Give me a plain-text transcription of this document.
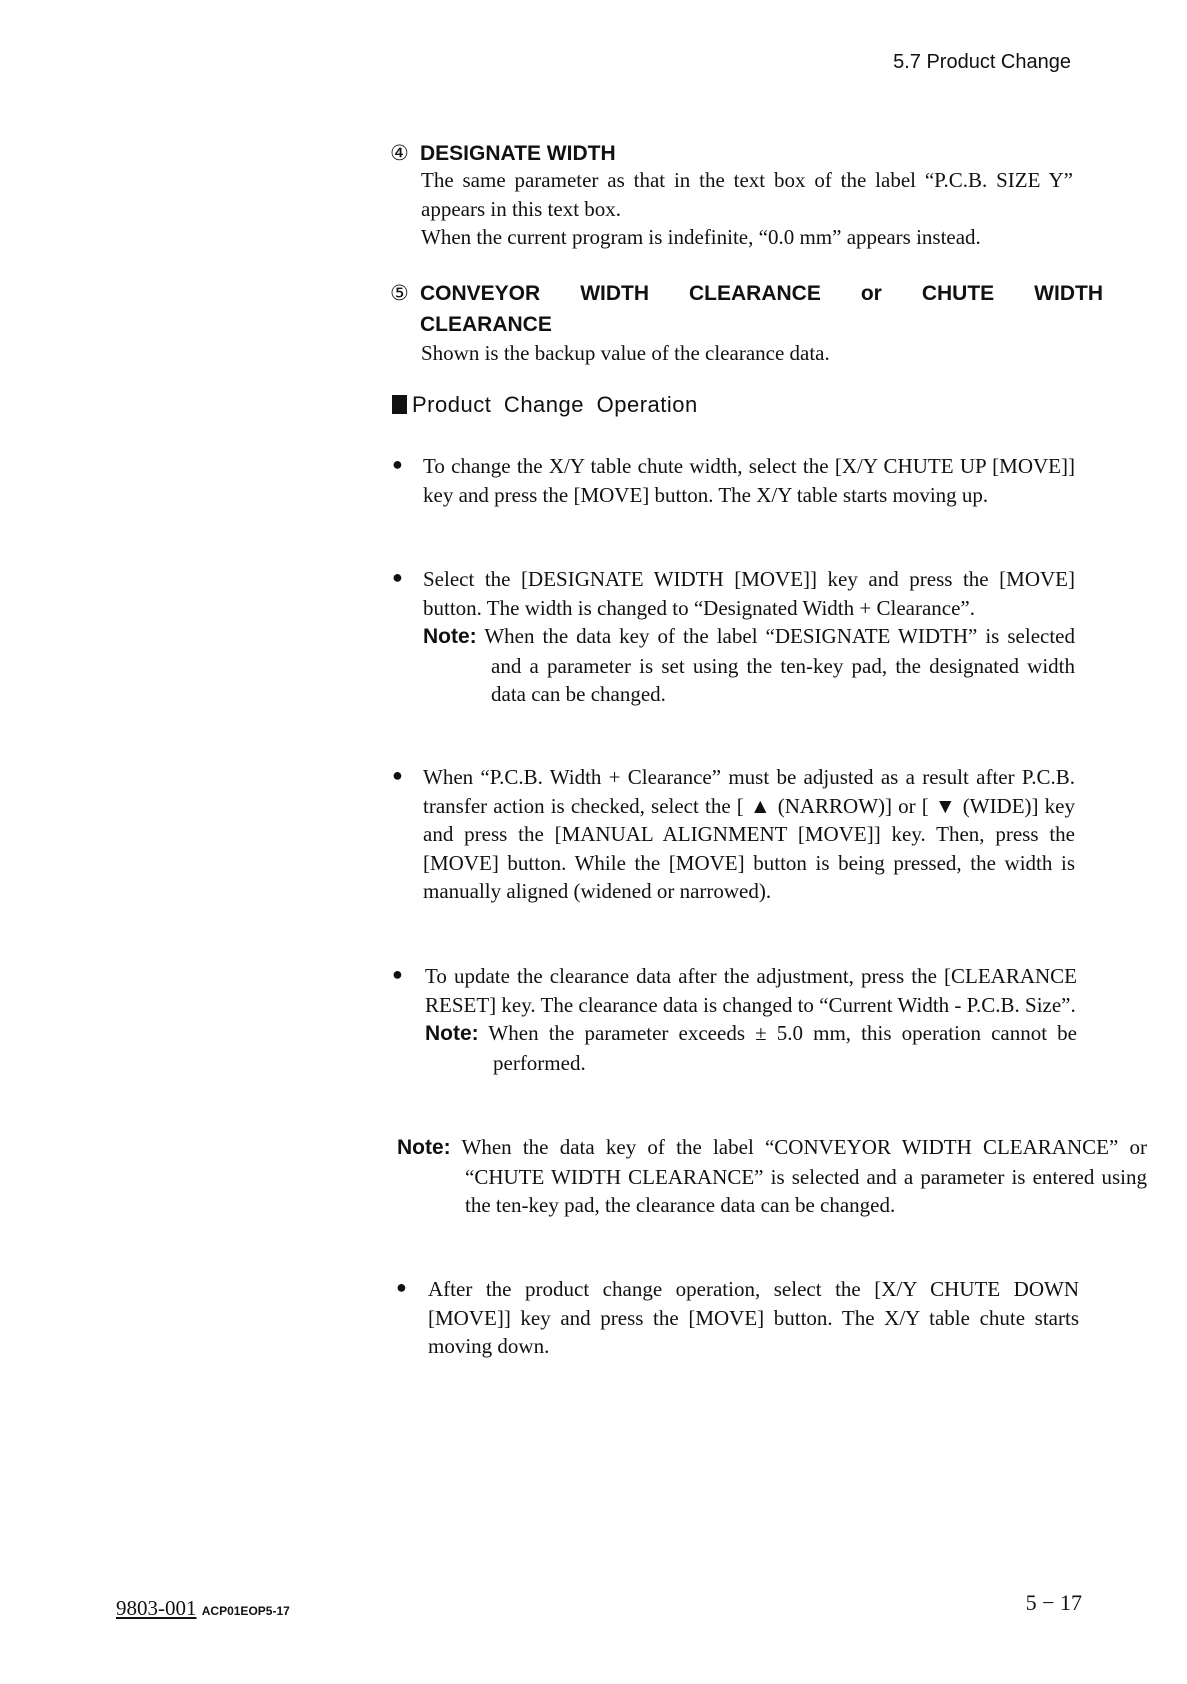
5.7 Product Change
④ DESIGNATE WIDTH
The same parameter as that in the text box of the label “P.C.B. SIZE Y” appears in this text box.
When the current program is indefinite, “0.0 mm” appears instead.
⑤ CONVEYOR WIDTH CLEARANCE or CHUTE WIDTH CLEARANCE
Shown is the backup value of the clearance data.
Product Change Operation
● To change the X/Y table chute width, select the [X/Y CHUTE UP [MOVE]] key and press the [MOVE] button. The X/Y table starts moving up.
● Select the [DESIGNATE WIDTH [MOVE]] key and press the [MOVE] button. The width is changed to “Designated Width + Clearance”.
Note: When the data key of the label “DESIGNATE WIDTH” is selected and a parameter is set using the ten-key pad, the designated width data can be changed.
● When “P.C.B. Width + Clearance” must be adjusted as a result after P.C.B. transfer action is checked, select the [ ▲ (NARROW)] or [ ▼ (WIDE)] key and press the [MANUAL ALIGNMENT [MOVE]] key. Then, press the [MOVE] button. While the [MOVE] button is being pressed, the width is manually aligned (widened or narrowed).
● To update the clearance data after the adjustment, press the [CLEARANCE RESET] key. The clearance data is changed to “Current Width - P.C.B. Size”.
Note: When the parameter exceeds ± 5.0 mm, this operation cannot be performed.
Note: When the data key of the label “CONVEYOR WIDTH CLEARANCE” or “CHUTE WIDTH CLEARANCE” is selected and a parameter is entered using the ten-key pad, the clearance data can be changed.
● After the product change operation, select the [X/Y CHUTE DOWN [MOVE]] key and press the [MOVE] button. The X/Y table chute starts moving down.
9803-001 ACP01EOP5-17	5 − 17
